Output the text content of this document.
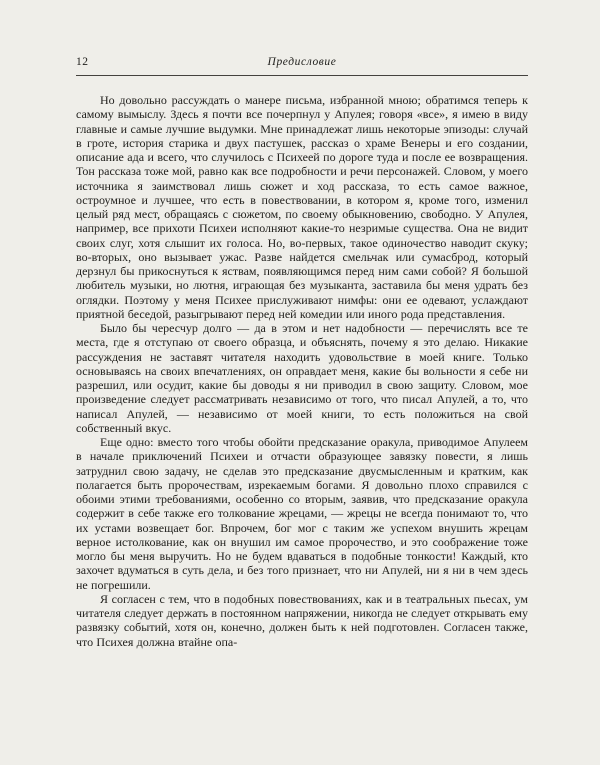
12	Предисловие

Но довольно рассуждать о манере письма, избранной мною; обратимся теперь к самому вымыслу. Здесь я почти все почерпнул у Апулея; говоря «все», я имею в виду главные и самые лучшие выдумки. Мне принадлежат лишь некоторые эпизоды: случай в гроте, история старика и двух пастушек, рассказ о храме Венеры и его создании, описание ада и всего, что случилось с Психеей по дороге туда и после ее возвращения. Тон рассказа тоже мой, равно как все подробности и речи персонажей. Словом, у моего источника я заимствовал лишь сюжет и ход рассказа, то есть самое важное, остроумное и лучшее, что есть в повествовании, в котором я, кроме того, изменил целый ряд мест, обращаясь с сюжетом, по своему обыкновению, свободно. У Апулея, например, все прихоти Психеи исполняют какие-то незримые существа. Она не видит своих слуг, хотя слышит их голоса. Но, во-первых, такое одиночество наводит скуку; во-вторых, оно вызывает ужас. Разве найдется смельчак или сумасброд, который дерзнул бы прикоснуться к яствам, появляющимся перед ним сами собой? Я большой любитель музыки, но лютня, играющая без музыканта, заставила бы меня удрать без оглядки. Поэтому у меня Психее прислуживают нимфы: они ее одевают, услаждают приятной беседой, разыгрывают перед ней комедии или иного рода представления.

Было бы чересчур долго — да в этом и нет надобности — перечислять все те места, где я отступаю от своего образца, и объяснять, почему я это делаю. Никакие рассуждения не заставят читателя находить удовольствие в моей книге. Только основываясь на своих впечатлениях, он оправдает меня, какие бы вольности я себе ни разрешил, или осудит, какие бы доводы я ни приводил в свою защиту. Словом, мое произведение следует рассматривать независимо от того, что писал Апулей, а то, что написал Апулей, — независимо от моей книги, то есть положиться на свой собственный вкус.

Еще одно: вместо того чтобы обойти предсказание оракула, приводимое Апулеем в начале приключений Психеи и отчасти образующее завязку повести, я лишь затруднил свою задачу, не сделав это предсказание двусмысленным и кратким, как полагается быть пророчествам, изрекаемым богами. Я довольно плохо справился с обоими этими требованиями, особенно со вторым, заявив, что предсказание оракула содержит в себе также его толкование жрецами, — жрецы не всегда понимают то, что их устами возвещает бог. Впрочем, бог мог с таким же успехом внушить жрецам верное истолкование, как он внушил им самое пророчество, и это соображение тоже могло бы меня выручить. Но не будем вдаваться в подобные тонкости! Каждый, кто захочет вдуматься в суть дела, и без того признает, что ни Апулей, ни я ни в чем здесь не погрешили.

Я согласен с тем, что в подобных повествованиях, как и в театральных пьесах, ум читателя следует держать в постоянном напряжении, никогда не следует открывать ему развязку событий, хотя он, конечно, должен быть к ней подготовлен. Согласен также, что Психея должна втайне опа-
